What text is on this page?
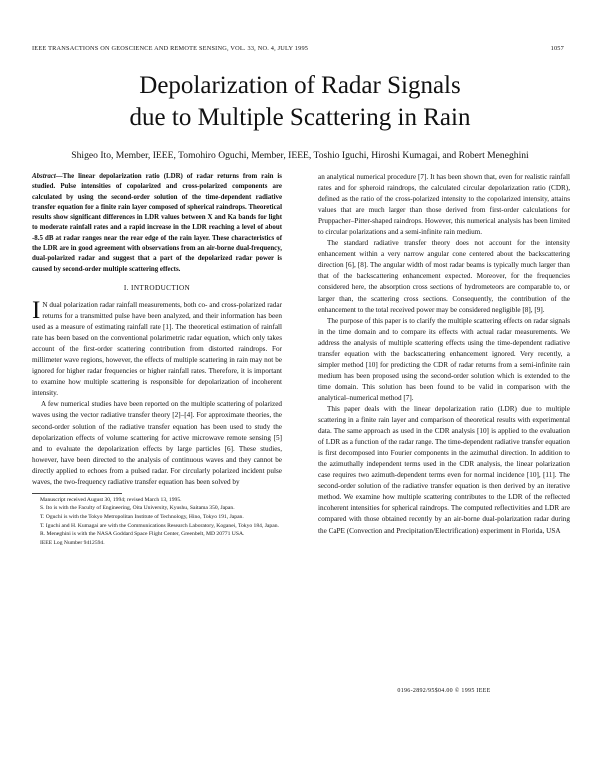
IEEE TRANSACTIONS ON GEOSCIENCE AND REMOTE SENSING, VOL. 33, NO. 4, JULY 1995	1057
Depolarization of Radar Signals
due to Multiple Scattering in Rain
Shigeo Ito, Member, IEEE, Tomohiro Oguchi, Member, IEEE, Toshio Iguchi, Hiroshi Kumagai, and Robert Meneghini

Abstract—The linear depolarization ratio (LDR) of radar returns from rain is studied. Pulse intensities of copolarized and cross-polarized components are calculated by using the second-order solution of the time-dependent radiative transfer equation for a finite rain layer composed of spherical raindrops. Theoretical results show significant differences in LDR values between X and Ka bands for light to moderate rainfall rates and a rapid increase in the LDR reaching a level of about -8.5 dB at radar ranges near the rear edge of the rain layer. These characteristics of the LDR are in good agreement with observations from an air-borne dual-frequency, dual-polarized radar and suggest that a part of the depolarized radar power is caused by second-order multiple scattering effects.

I. INTRODUCTION

I N dual polarization radar rainfall measurements, both co- and cross-polarized radar returns for a transmitted pulse have been analyzed, and their information has been used as a measure of estimating rainfall rate [1]. The theoretical estimation of rainfall rate has been based on the conventional polarimetric radar equation, which only takes account of the first-order scattering contribution from distorted raindrops. For millimeter wave regions, however, the effects of multiple scattering in rain may not be ignored for higher radar frequencies or higher rainfall rates. Therefore, it is important to examine how multiple scattering is responsible for depolarization of incoherent intensity.

A few numerical studies have been reported on the multiple scattering of polarized waves using the vector radiative transfer theory [2]–[4]. For approximate theories, the second-order solution of the radiative transfer equation has been used to study the depolarization effects of volume scattering for active microwave remote sensing [5] and to evaluate the depolarization effects by large particles [6]. These studies, however, have been directed to the analysis of continuous waves and they cannot be directly applied to echoes from a pulsed radar. For circularly polarized incident pulse waves, the two-frequency radiative transfer equation has been solved by

Manuscript received August 30, 1994; revised March 13, 1995.

S. Ito is with the Faculty of Engineering, Oita University, Kyushu, Saitama 350, Japan.

T. Oguchi is with the Tokyo Metropolitan Institute of Technology, Hino, Tokyo 191, Japan.

T. Iguchi and H. Kumagai are with the Communications Research Laboratory, Koganei, Tokyo 184, Japan.

R. Meneghini is with the NASA Goddard Space Flight Center, Greenbelt, MD 20771 USA.

IEEE Log Number 9412594.

an analytical numerical procedure [7]. It has been shown that, even for realistic rainfall rates and for spheroid raindrops, the calculated circular depolarization ratio (CDR), defined as the ratio of the cross-polarized intensity to the copolarized intensity, attains values that are much larger than those derived from first-order calculations for Pruppacher–Pitter-shaped raindrops. However, this numerical analysis has been limited to circular polarizations and a semi-infinite rain medium.

The standard radiative transfer theory does not account for the intensity enhancement within a very narrow angular cone centered about the backscattering direction [6], [8]. The angular width of most radar beams is typically much larger than that of the backscattering enhancement expected. Moreover, for the frequencies considered here, the absorption cross sections of hydrometeors are comparable to, or larger than, the scattering cross sections. Consequently, the contribution of the enhancement to the total received power may be considered negligible [8], [9].

The purpose of this paper is to clarify the multiple scattering effects on radar signals in the time domain and to compare its effects with actual radar measurements. We address the analysis of multiple scattering effects using the time-dependent radiative transfer equation with the backscattering enhancement ignored. Very recently, a simpler method [10] for predicting the CDR of radar returns from a semi-infinite rain medium has been proposed using the second-order solution which is extended to the time domain. This solution has been found to be valid in comparison with the analytical–numerical method [7].

This paper deals with the linear depolarization ratio (LDR) due to multiple scattering in a finite rain layer and comparison of theoretical results with experimental data. The same approach as used in the CDR analysis [10] is applied to the evaluation of LDR as a function of the radar range. The time-dependent radiative transfer equation is first decomposed into Fourier components in the azimuthal direction. In addition to the azimuthally independent terms used in the CDR analysis, the linear polarization case requires two azimuth-dependent terms even for normal incidence [10], [11]. The second-order solution of the radiative transfer equation is then derived by an iterative method. We examine how multiple scattering contributes to the LDR of the reflected incoherent intensities for spherical raindrops. The computed reflectivities and LDR are compared with those obtained recently by an air-borne dual-polarization radar during the CaPE (Convection and Precipitation/Electrification) experiment in Florida, USA

0196-2892/95$04.00 © 1995 IEEE
